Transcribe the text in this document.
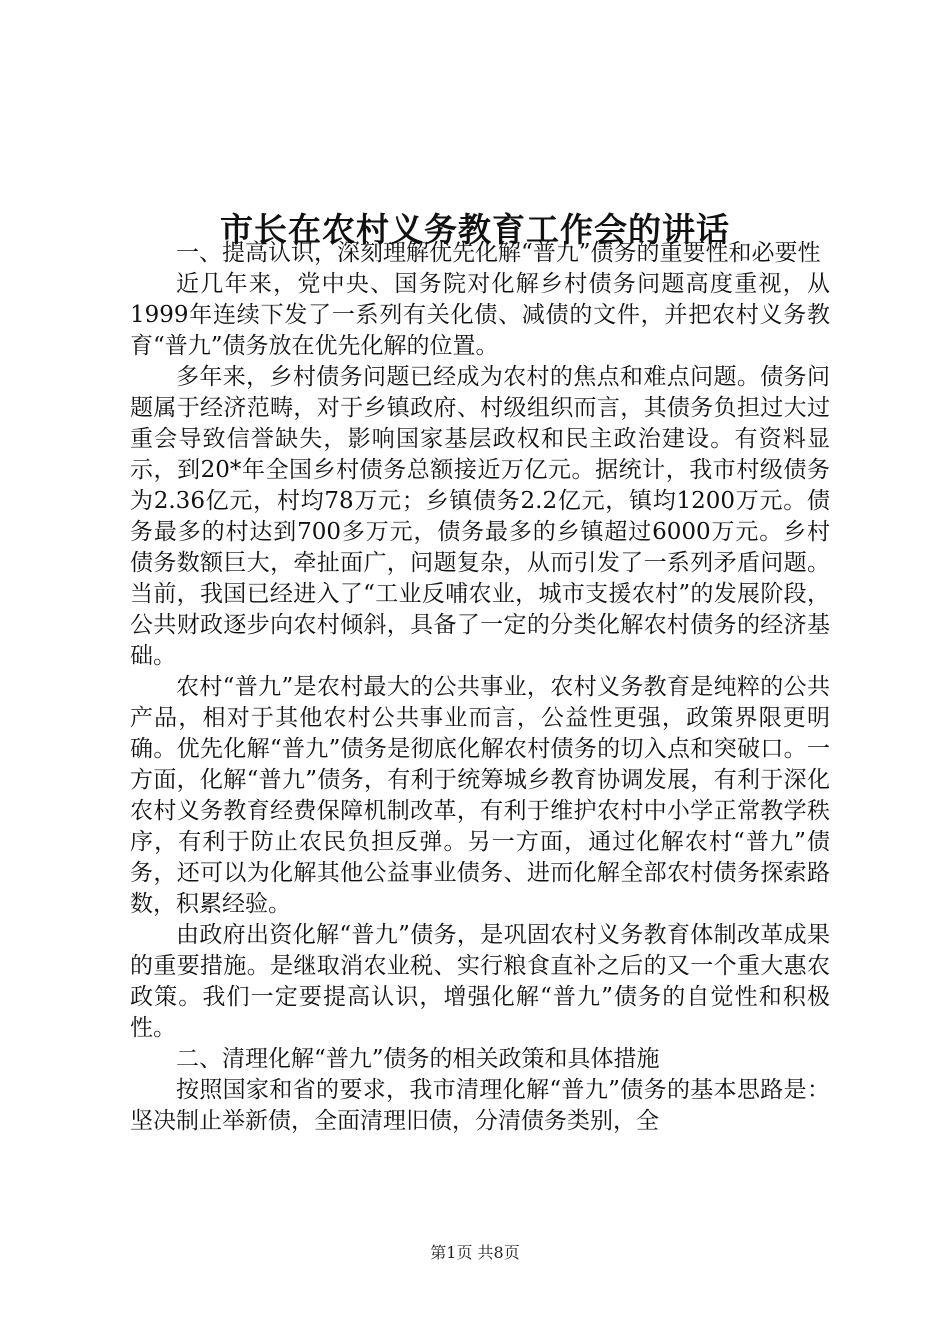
市长在农村义务教育工作会的讲话

一、提高认识，深刻理解优先化解“普九”债务的重要性和必要性

近几年来，党中央、国务院对化解乡村债务问题高度重视，从1999年连续下发了一系列有关化债、减债的文件，并把农村义务教育“普九”债务放在优先化解的位置。

多年来，乡村债务问题已经成为农村的焦点和难点问题。债务问题属于经济范畴，对于乡镇政府、村级组织而言，其债务负担过大过重会导致信誉缺失，影响国家基层政权和民主政治建设。有资料显示，到20*年全国乡村债务总额接近万亿元。据统计，我市村级债务为2.36亿元，村均78万元；乡镇债务2.2亿元，镇均1200万元。债务最多的村达到700多万元，债务最多的乡镇超过6000万元。乡村债务数额巨大，牵扯面广，问题复杂，从而引发了一系列矛盾问题。当前，我国已经进入了“工业反哺农业，城市支援农村”的发展阶段，公共财政逐步向农村倾斜，具备了一定的分类化解农村债务的经济基础。

农村“普九”是农村最大的公共事业，农村义务教育是纯粹的公共产品，相对于其他农村公共事业而言，公益性更强，政策界限更明确。优先化解“普九”债务是彻底化解农村债务的切入点和突破口。一方面，化解“普九”债务，有利于统筹城乡教育协调发展，有利于深化农村义务教育经费保障机制改革，有利于维护农村中小学正常教学秩序，有利于防止农民负担反弹。另一方面，通过化解农村“普九”债务，还可以为化解其他公益事业债务、进而化解全部农村债务探索路数，积累经验。

由政府出资化解“普九”债务，是巩固农村义务教育体制改革成果的重要措施。是继取消农业税、实行粮食直补之后的又一个重大惠农政策。我们一定要提高认识，增强化解“普九”债务的自觉性和积极性。

二、清理化解“普九”债务的相关政策和具体措施

按照国家和省的要求，我市清理化解“普九”债务的基本思路是：坚决制止举新债，全面清理旧债，分清债务类别，全

第1页 共8页
